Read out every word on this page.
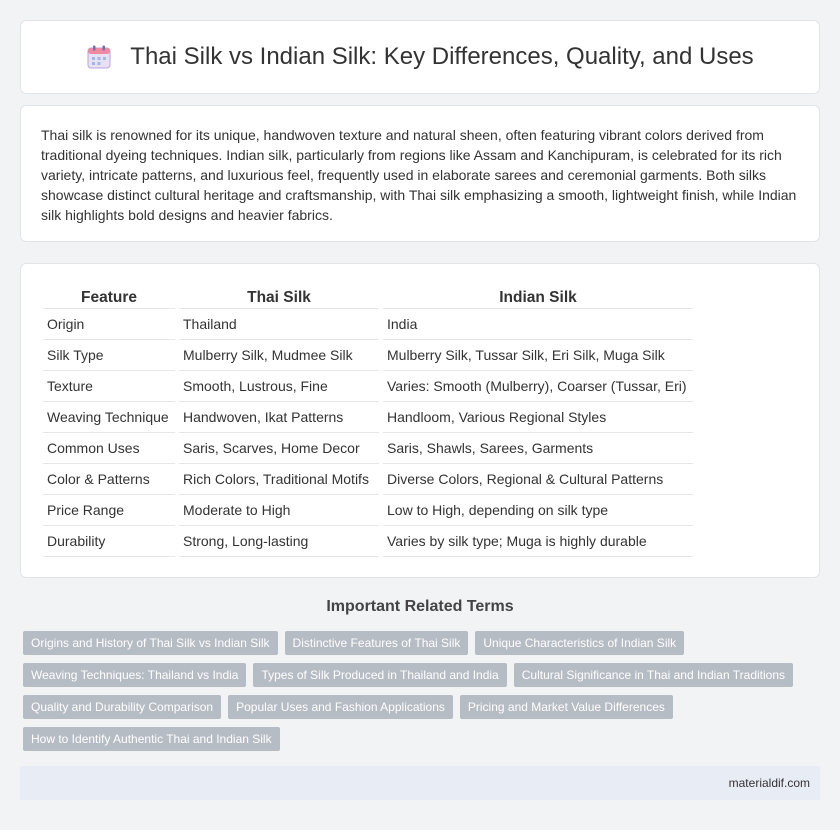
Thai Silk vs Indian Silk: Key Differences, Quality, and Uses

Thai silk is renowned for its unique, handwoven texture and natural sheen, often featuring vibrant colors derived from traditional dyeing techniques. Indian silk, particularly from regions like Assam and Kanchipuram, is celebrated for its rich variety, intricate patterns, and luxurious feel, frequently used in elaborate sarees and ceremonial garments. Both silks showcase distinct cultural heritage and craftsmanship, with Thai silk emphasizing a smooth, lightweight finish, while Indian silk highlights bold designs and heavier fabrics.

Feature	Thai Silk	Indian Silk
Origin	Thailand	India
Silk Type	Mulberry Silk, Mudmee Silk	Mulberry Silk, Tussar Silk, Eri Silk, Muga Silk
Texture	Smooth, Lustrous, Fine	Varies: Smooth (Mulberry), Coarser (Tussar, Eri)
Weaving Technique	Handwoven, Ikat Patterns	Handloom, Various Regional Styles
Common Uses	Saris, Scarves, Home Decor	Saris, Shawls, Sarees, Garments
Color & Patterns	Rich Colors, Traditional Motifs	Diverse Colors, Regional & Cultural Patterns
Price Range	Moderate to High	Low to High, depending on silk type
Durability	Strong, Long-lasting	Varies by silk type; Muga is highly durable
Important Related Terms
Origins and History of Thai Silk vs Indian Silk	Distinctive Features of Thai Silk	Unique Characteristics of Indian Silk
Weaving Techniques: Thailand vs India	Types of Silk Produced in Thailand and India	Cultural Significance in Thai and Indian Traditions
Quality and Durability Comparison	Popular Uses and Fashion Applications	Pricing and Market Value Differences
How to Identify Authentic Thai and Indian Silk
materialdif.com
